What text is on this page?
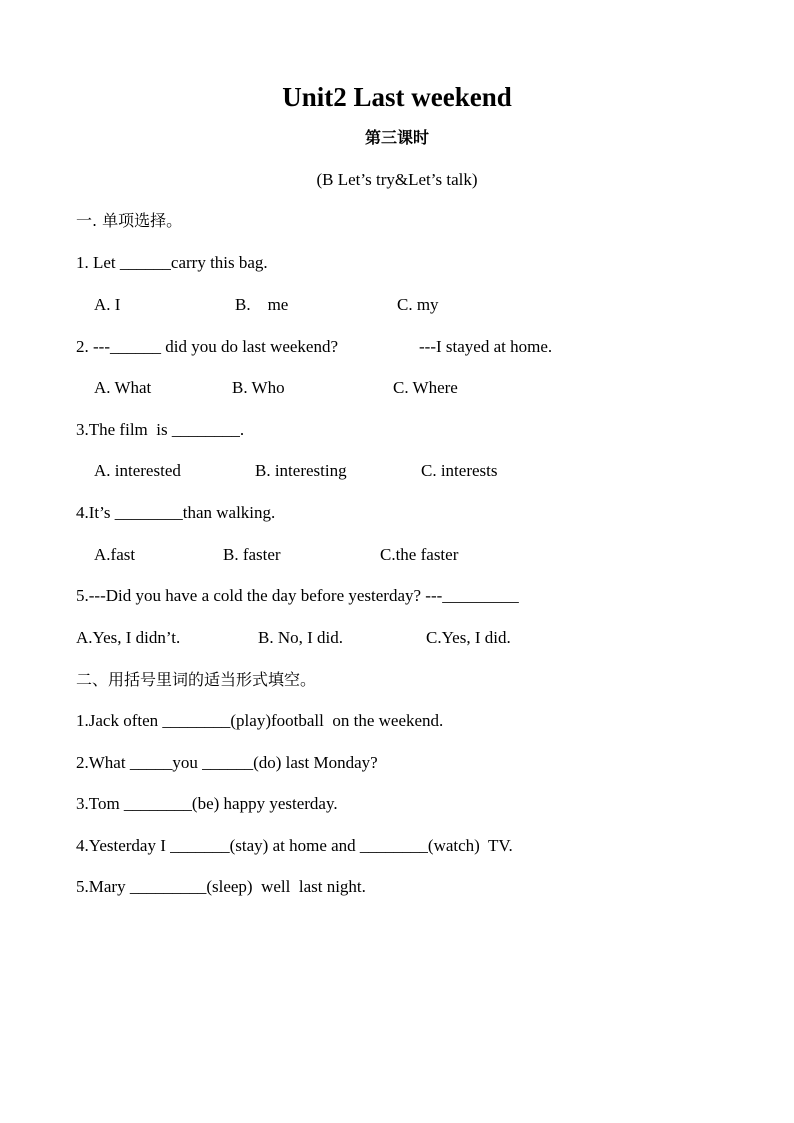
Unit2 Last weekend
第三课时
(B Let’s try&Let’s talk)
一. 单项选择。
1. Let ______carry this bag.
A. I	B.    me	C. my
2. ---______ did you do last weekend?	---I stayed at home.
A. What	B. Who	C. Where
3.The film  is ________.
A. interested	B. interesting	C. interests
4.It’s ________than walking.
A.fast	B. faster	C.the faster
5.---Did you have a cold the day before yesterday? ---_________
A.Yes, I didn’t.	B. No, I did.	C.Yes, I did.
二、用括号里词的适当形式填空。
1.Jack often ________(play)football  on the weekend.
2.What _____you ______(do) last Monday?
3.Tom ________(be) happy yesterday.
4.Yesterday I _______(stay) at home and ________(watch)  TV.
5.Mary _________(sleep)  well  last night.
